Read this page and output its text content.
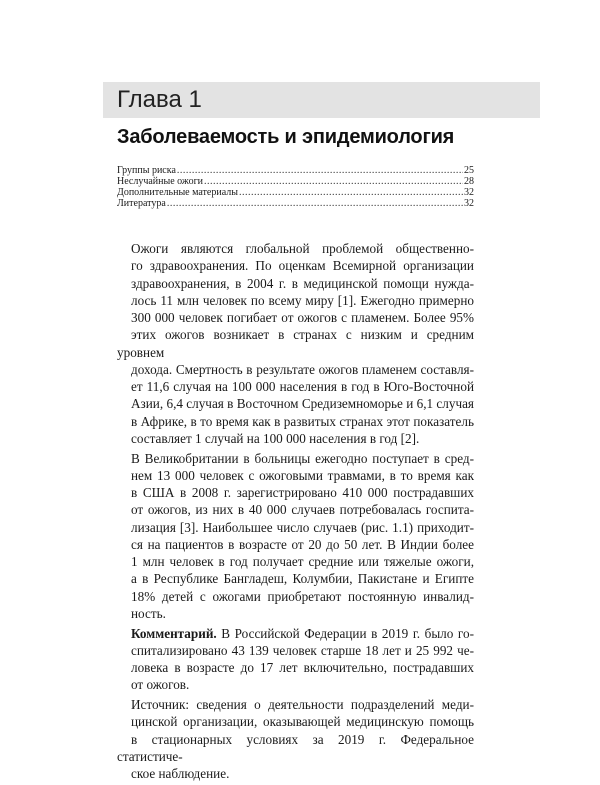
Глава 1
Заболеваемость и эпидемиология
Группы риска .....	25
Неслучайные ожоги .....	28
Дополнительные материалы .....	32
Литература .....	32
Ожоги являются глобальной проблемой общественно-
го здравоохранения. По оценкам Всемирной организации
здравоохранения, в 2004 г. в медицинской помощи нужда-
лось 11 млн человек по всему миру [1]. Ежегодно примерно
300 000 человек погибает от ожогов с пламенем. Более 95%
этих ожогов возникает в странах с низким и средним уровнем
дохода. Смертность в результате ожогов пламенем составля-
ет 11,6 случая на 100 000 населения в год в Юго-Восточной
Азии, 6,4 случая в Восточном Средиземноморье и 6,1 случая
в Африке, в то время как в развитых странах этот показатель
составляет 1 случай на 100 000 населения в год [2].
В Великобритании в больницы ежегодно поступает в сред-
нем 13 000 человек с ожоговыми травмами, в то время как
в США в 2008 г. зарегистрировано 410 000 пострадавших
от ожогов, из них в 40 000 случаев потребовалась госпита-
лизация [3]. Наибольшее число случаев (рис. 1.1) приходит-
ся на пациентов в возрасте от 20 до 50 лет. В Индии более
1 млн человек в год получает средние или тяжелые ожоги,
а в Республике Бангладеш, Колумбии, Пакистане и Египте
18% детей с ожогами приобретают постоянную инвалид-
ность.
Комментарий. В Российской Федерации в 2019 г. было го-
спитализировано 43 139 человек старше 18 лет и 25 992 че-
ловека в возрасте до 17 лет включительно, пострадавших
от ожогов.
Источник: сведения о деятельности подразделений меди-
цинской организации, оказывающей медицинскую помощь
в стационарных условиях за 2019 г. Федеральное статистиче-
ское наблюдение.
